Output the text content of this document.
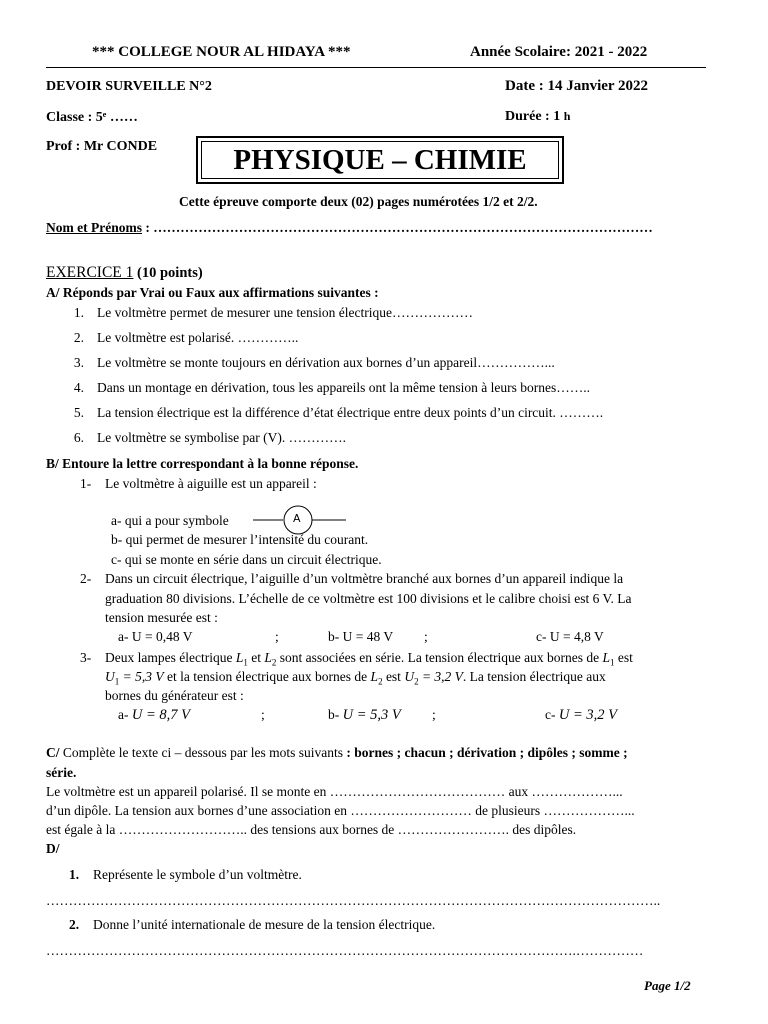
*** COLLEGE NOUR AL HIDAYA ***	Année Scolaire: 2021 - 2022
DEVOIR SURVEILLE N°2	Date : 14 Janvier 2022
Classe : 5ᵉ ……	Durée : 1 h
Prof : Mr CONDE	PHYSIQUE – CHIMIE
Cette épreuve comporte deux (02) pages numérotées 1/2 et 2/2.
Nom et Prénoms : …………………………………………………………………………………………………
EXERCICE 1 (10 points)
A/ Réponds par Vrai ou Faux aux affirmations suivantes :
1. Le voltmètre permet de mesurer une tension électrique………………
2. Le voltmètre est polarisé. …………..
3. Le voltmètre se monte toujours en dérivation aux bornes d’un appareil……………...
4. Dans un montage en dérivation, tous les appareils ont la même tension à leurs bornes……..
5. La tension électrique est la différence d’état électrique entre deux points d’un circuit. ……….
6. Le voltmètre se symbolise par (V). ………….
B/ Entoure la lettre correspondant à la bonne réponse.
1- Le voltmètre à aiguille est un appareil :
a- qui a pour symbole	A
b- qui permet de mesurer l’intensité du courant.
c- qui se monte en série dans un circuit électrique.
2- Dans un circuit électrique, l’aiguille d’un voltmètre branché aux bornes d’un appareil indique la
graduation 80 divisions. L’échelle de ce voltmètre est 100 divisions et le calibre choisi est 6 V. La
tension mesurée est :
a- U = 0,48 V	;	b- U = 48 V ;	c- U = 4,8 V
3- Deux lampes électrique $L_1$ et $L_2$ sont associées en série. La tension électrique aux bornes de $L_1$ est
$U_1 = 5,3$ V et la tension électrique aux bornes de $L_2$ est $U_2 = 3,2$ V. La tension électrique aux
bornes du générateur est :
a- U = 8,7 V	;	b- U = 5,3 V ;	c- U = 3,2 V
C/ Complète le texte ci – dessous par les mots suivants : bornes ; chacun ; dérivation ; dipôles ; somme ;
série.
Le voltmètre est un appareil polarisé. Il se monte en ………………………………… aux ………………...
d’un dipôle. La tension aux bornes d’une association en ……………………… de plusieurs ………………...
est égale à la ……………………….. des tensions aux bornes de ……………………. des dipôles.
D/
1. Représente le symbole d’un voltmètre.
………………………………………………………………………………………………………………………..
2. Donne l’unité internationale de mesure de la tension électrique.
……………………………………………………………………………………………………….……………
Page 1/2
